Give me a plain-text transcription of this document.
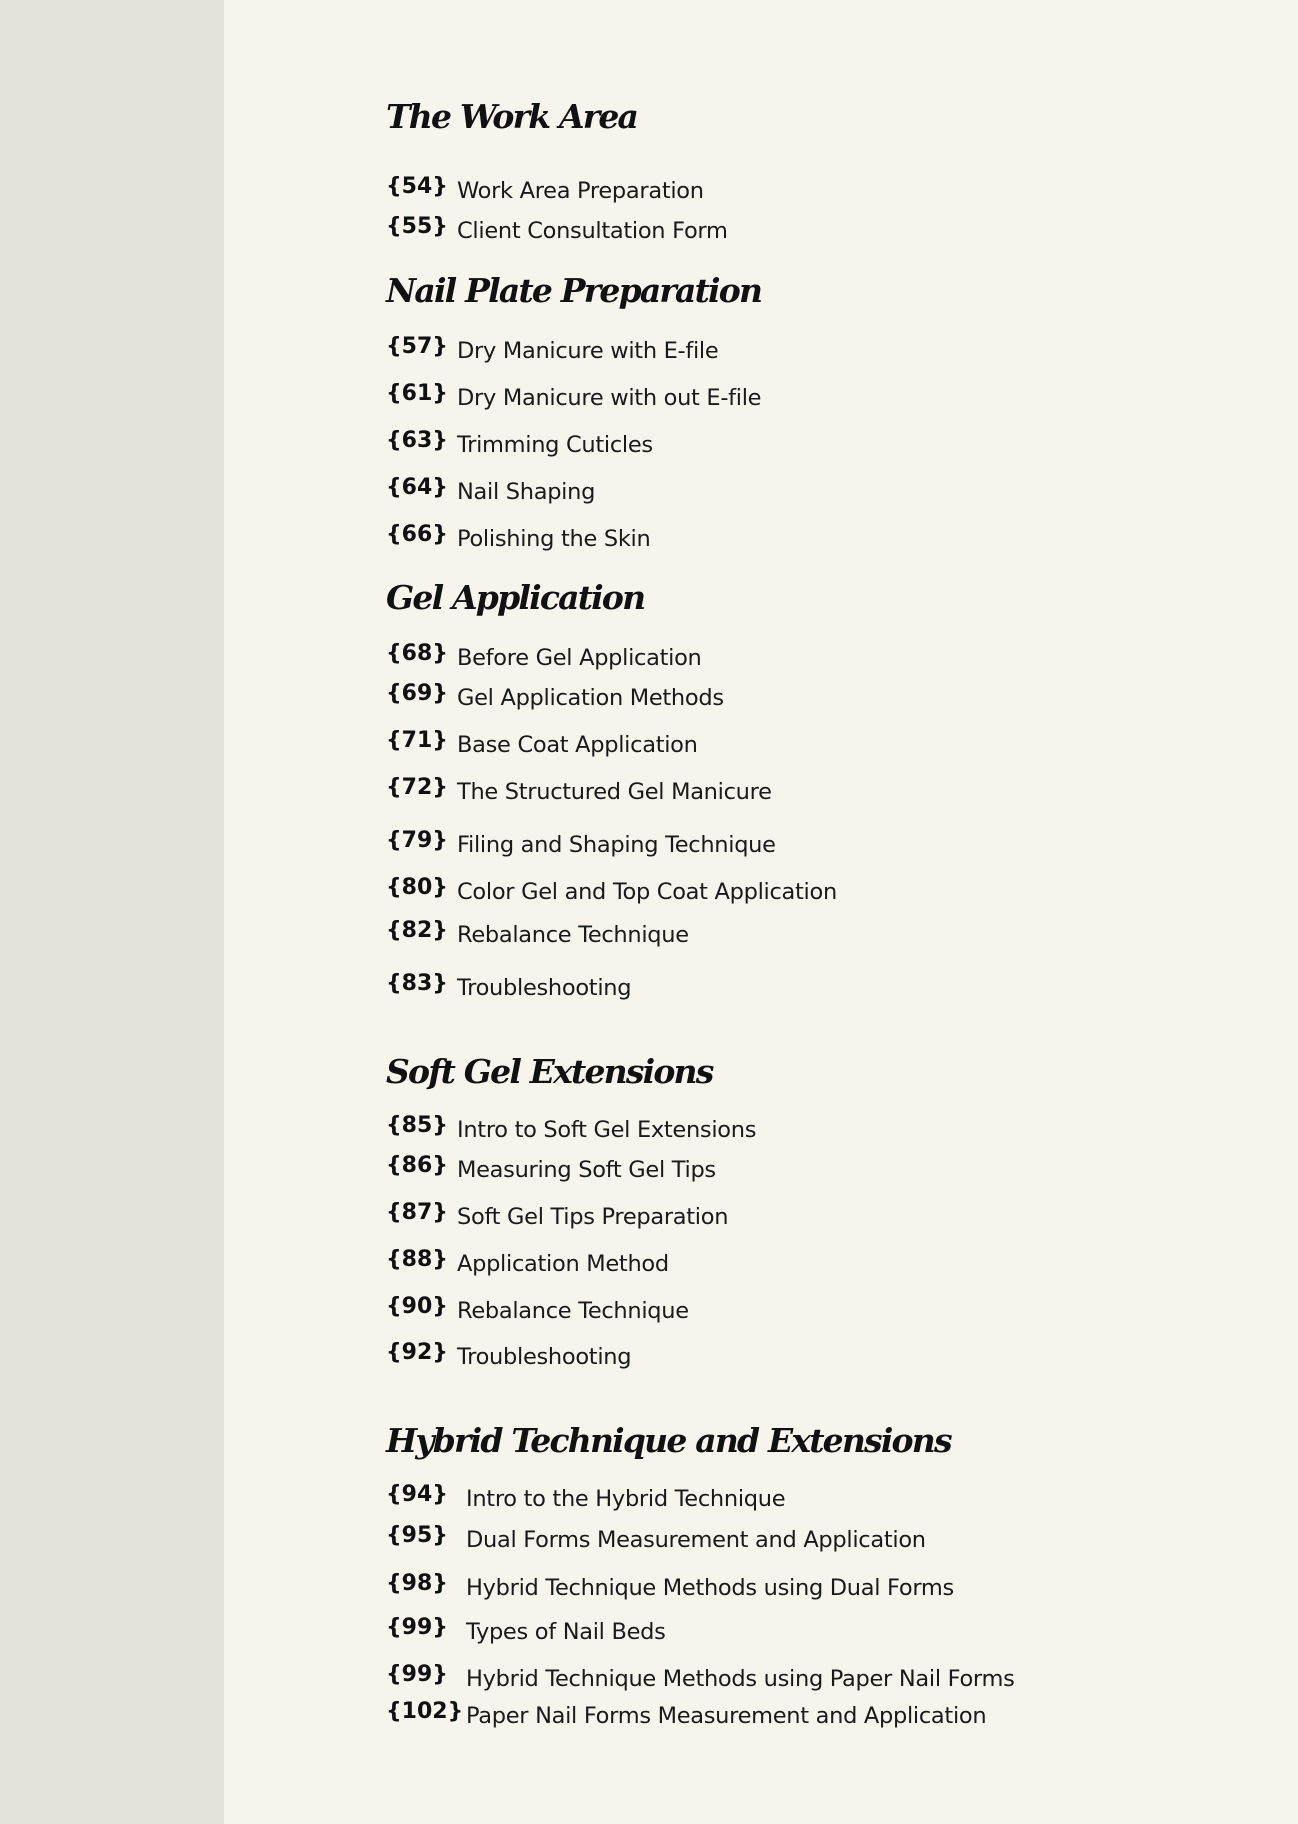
The Work Area
{54} Work Area Preparation
{55} Client Consultation Form
Nail Plate Preparation
{57} Dry Manicure with E-file
{61} Dry Manicure with out E-file
{63} Trimming Cuticles
{64} Nail Shaping
{66} Polishing the Skin
Gel Application
{68} Before Gel Application
{69} Gel Application Methods
{71} Base Coat Application
{72} The Structured Gel Manicure
{79} Filing and Shaping Technique
{80} Color Gel and Top Coat Application
{82} Rebalance Technique
{83} Troubleshooting
Soft Gel Extensions
{85} Intro to Soft Gel Extensions
{86} Measuring Soft Gel Tips
{87} Soft Gel Tips Preparation
{88} Application Method
{90} Rebalance Technique
{92} Troubleshooting
Hybrid Technique and Extensions
{94} Intro to the Hybrid Technique
{95} Dual Forms Measurement and Application
{98} Hybrid Technique Methods using Dual Forms
{99} Types of Nail Beds
{99} Hybrid Technique Methods using Paper Nail Forms
{102} Paper Nail Forms Measurement and Application
